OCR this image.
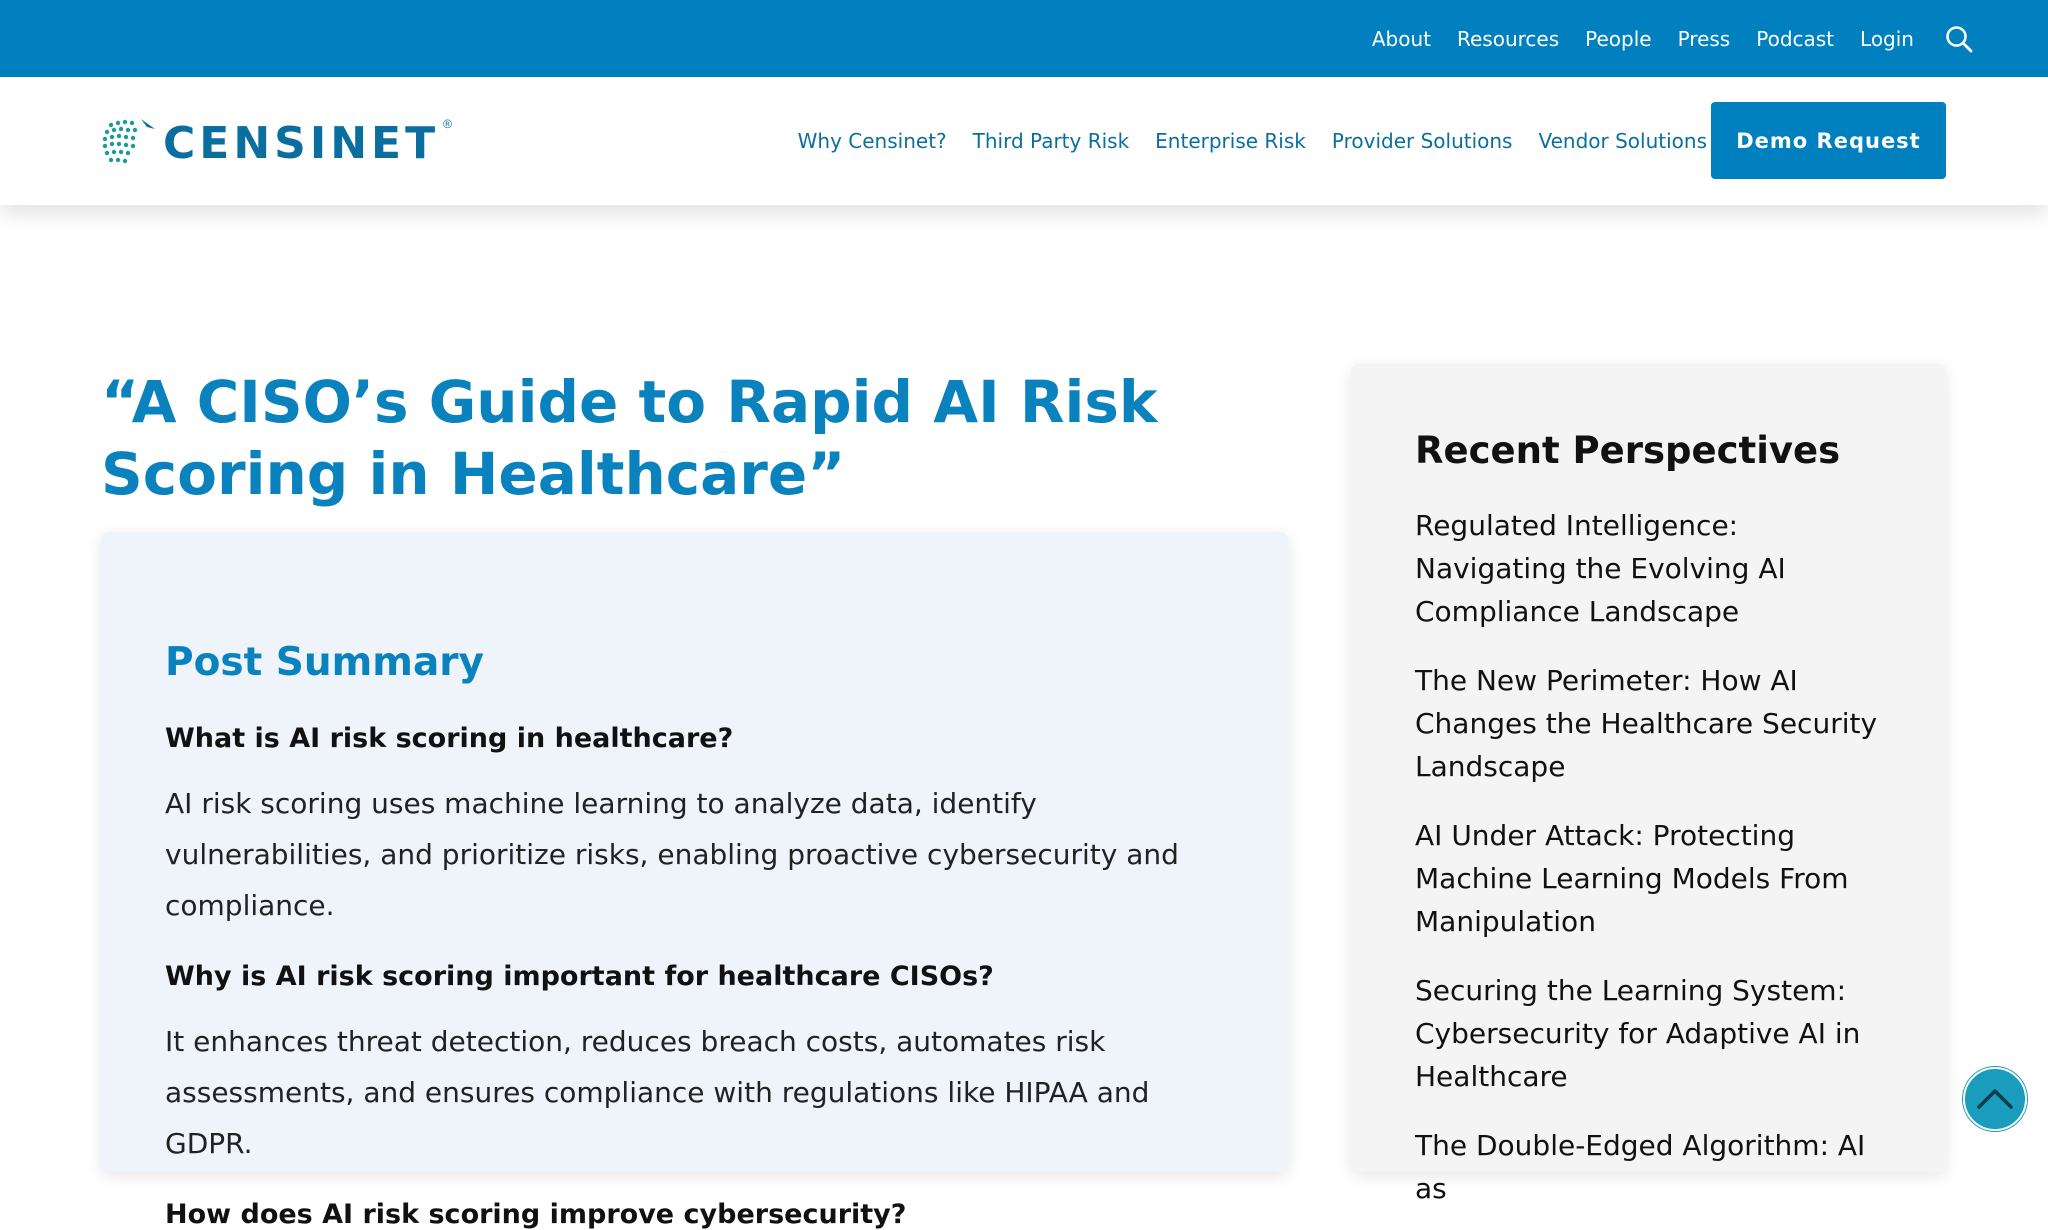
About Resources People Press Podcast Login
CENSINET ®
Why Censinet? Third Party Risk Enterprise Risk Provider Solutions Vendor Solutions	Demo Request
“A CISO’s Guide to Rapid AI Risk Scoring in Healthcare”
Post Summary
What is AI risk scoring in healthcare?

AI risk scoring uses machine learning to analyze data, identify vulnerabilities, and prioritize risks, enabling proactive cybersecurity and compliance.

Why is AI risk scoring important for healthcare CISOs?

It enhances threat detection, reduces breach costs, automates risk assessments, and ensures compliance with regulations like HIPAA and GDPR.

How does AI risk scoring improve cybersecurity?
Recent Perspectives
Regulated Intelligence: Navigating the Evolving AI Compliance Landscape
The New Perimeter: How AI Changes the Healthcare Security Landscape
AI Under Attack: Protecting Machine Learning Models From Manipulation
Securing the Learning System: Cybersecurity for Adaptive AI in Healthcare
The Double-Edged Algorithm: AI as
